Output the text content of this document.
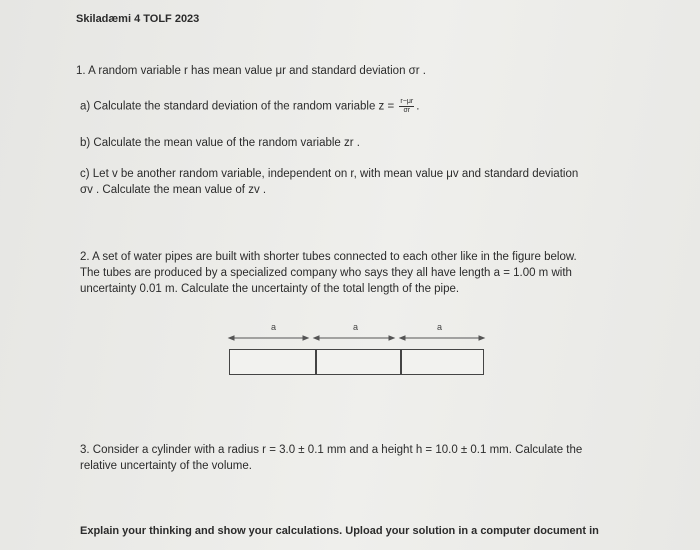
Skiladæmi 4 TOLF 2023
1. A random variable r has mean value μr and standard deviation σr .
a) Calculate the standard deviation of the random variable $z = \frac{r-\mu r}{\sigma r}$ .
b) Calculate the mean value of the random variable zr .
c) Let v be another random variable, independent on r, with mean value μv and standard deviation
σv . Calculate the mean value of zv .
2. A set of water pipes are built with shorter tubes connected to each other like in the figure below.
The tubes are produced by a specialized company who says they all have length a = 1.00 m with
uncertainty 0.01 m. Calculate the uncertainty of the total length of the pipe.
a	a	a
3. Consider a cylinder with a radius r = 3.0 ± 0.1 mm and a height h = 10.0 ± 0.1 mm. Calculate the
relative uncertainty of the volume.
Explain your thinking and show your calculations. Upload your solution in a computer document in
